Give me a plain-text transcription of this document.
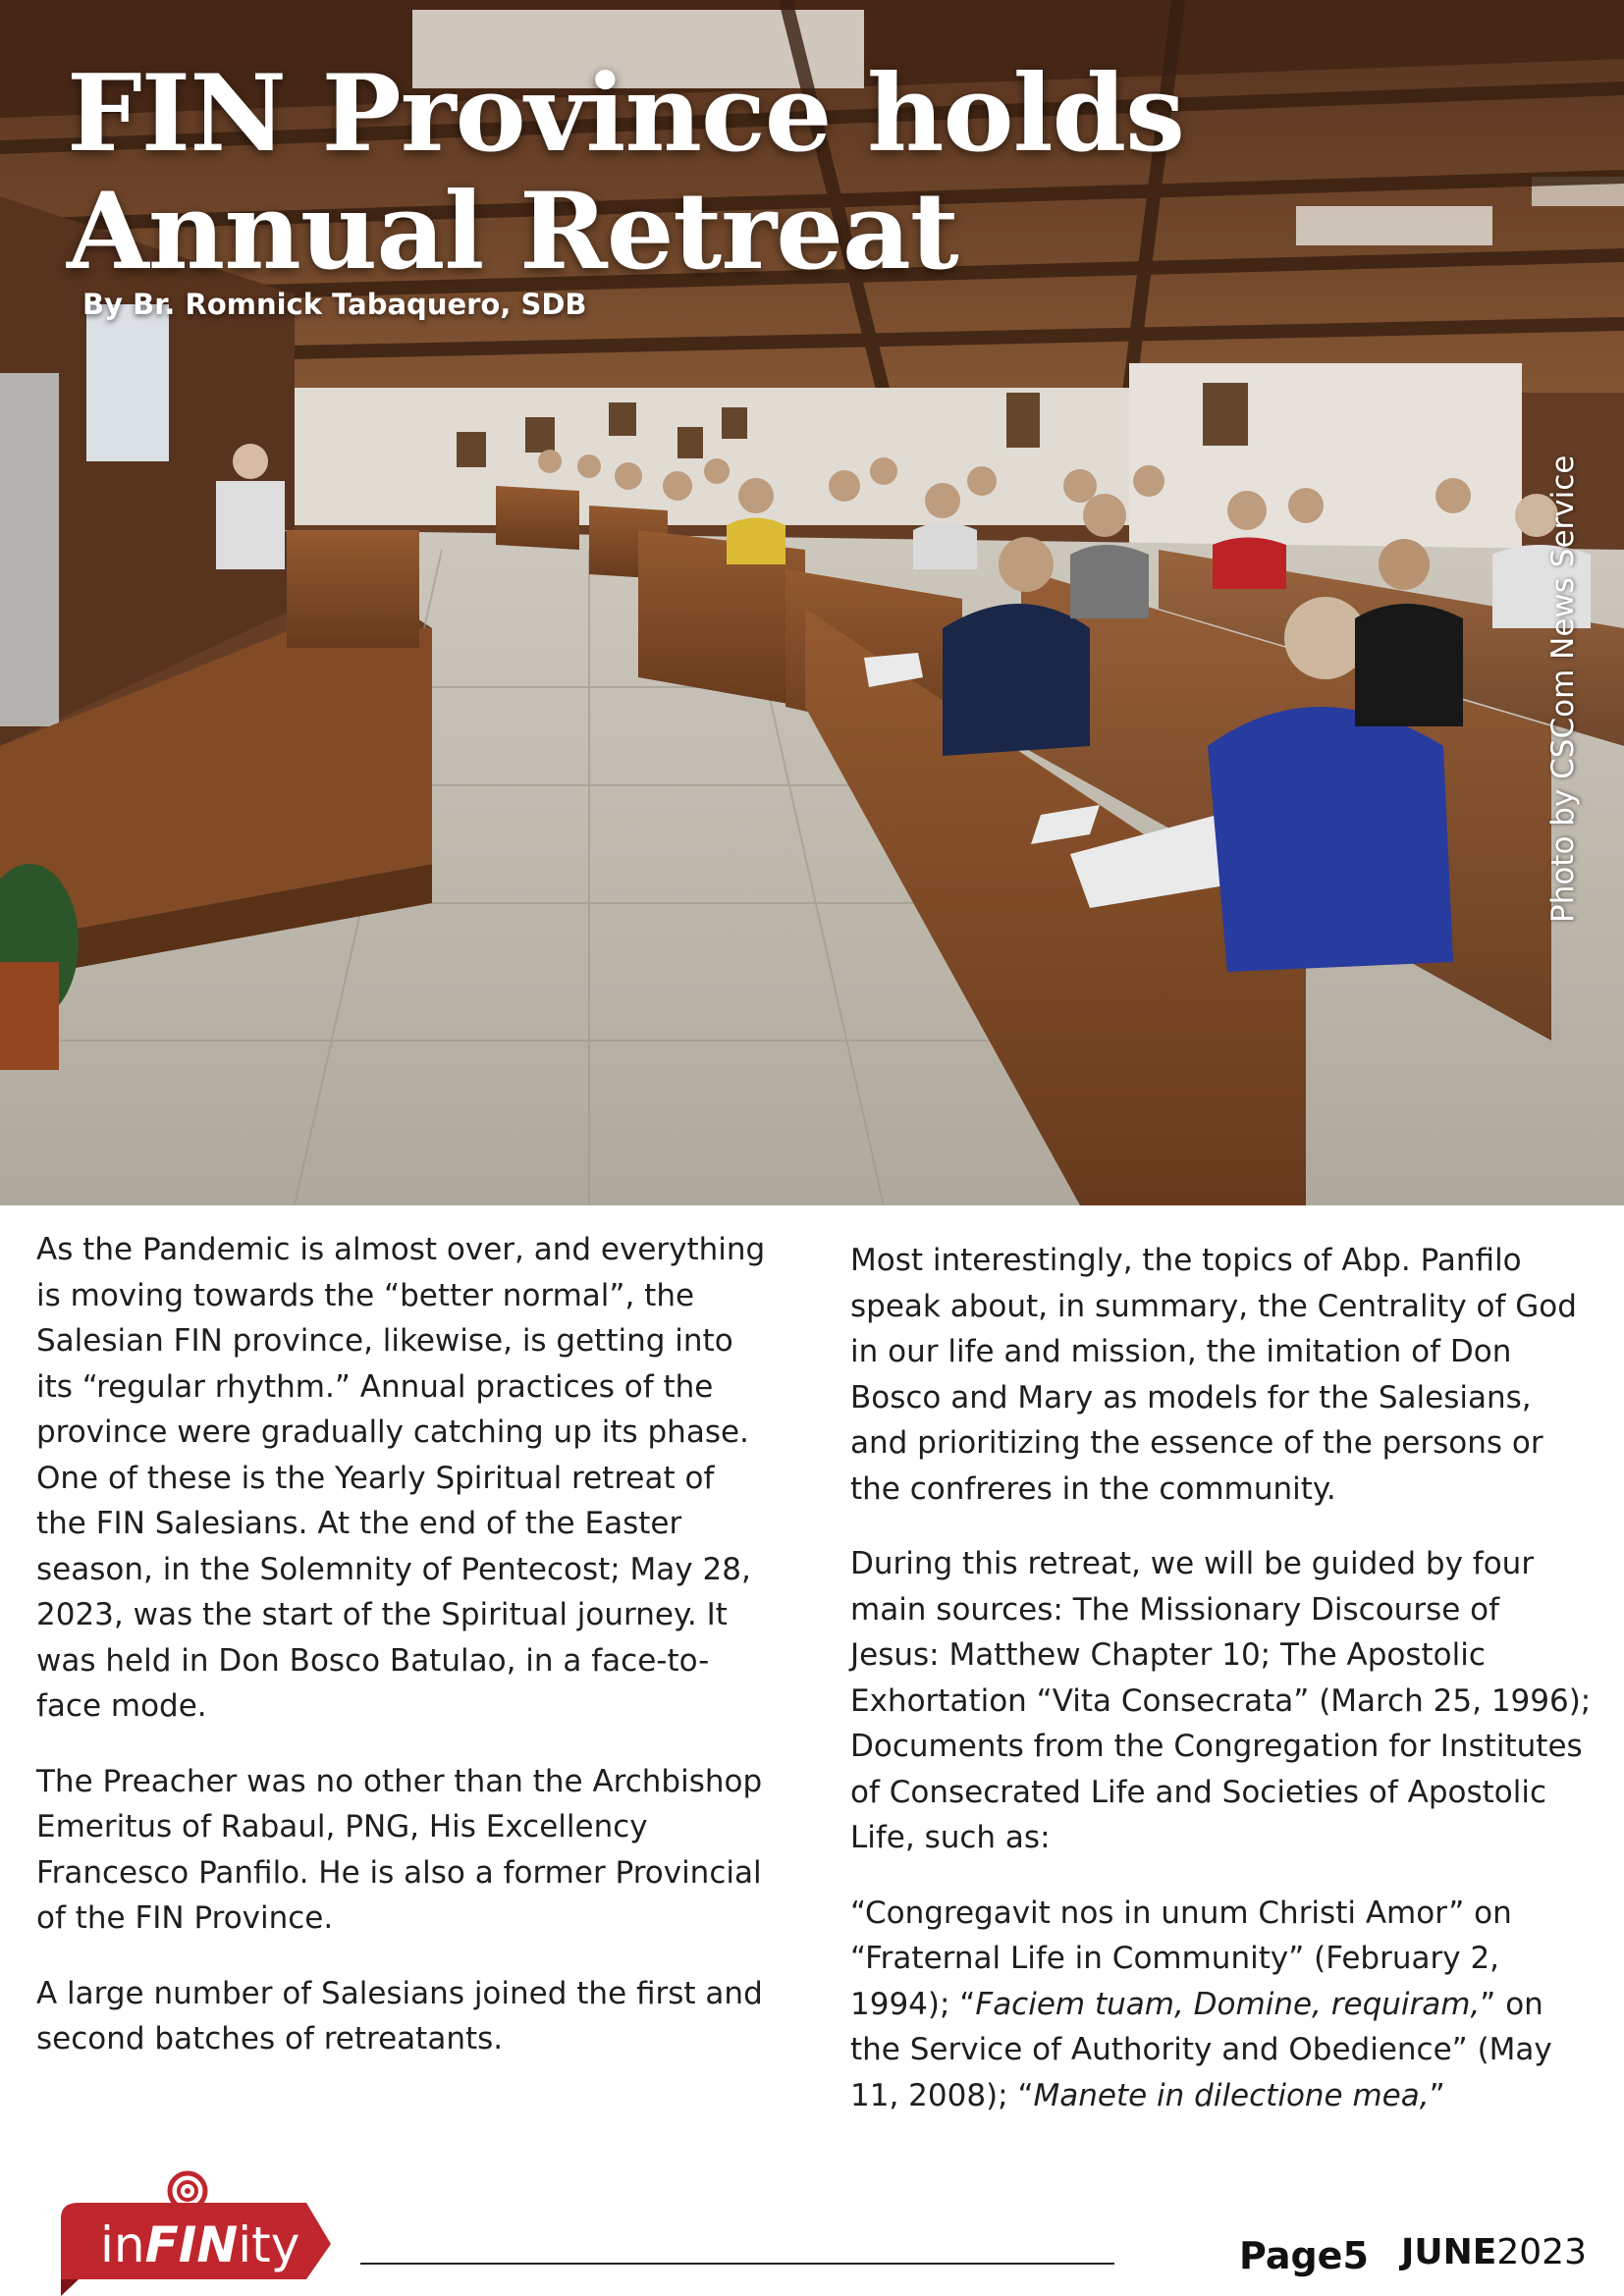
FIN Province holds
Annual Retreat

By Br. Romnick Tabaquero, SDB

Photo by CSCom News Service

As the Pandemic is almost over, and everything is moving towards the “better normal”, the Salesian FIN province, likewise, is getting into its “regular rhythm.” Annual practices of the province were gradually catching up its phase. One of these is the Yearly Spiritual retreat of the FIN Salesians. At the end of the Easter season, in the Solemnity of Pentecost; May 28, 2023, was the start of the Spiritual journey. It was held in Don Bosco Batulao, in a face-to-face mode.

The Preacher was no other than the Archbishop Emeritus of Rabaul, PNG, His Excellency Francesco Panfilo. He is also a former Provincial of the FIN Province.

A large number of Salesians joined the first and second batches of retreatants.

Most interestingly, the topics of Abp. Panfilo speak about, in summary, the Centrality of God in our life and mission, the imitation of Don Bosco and Mary as models for the Salesians, and prioritizing the essence of the persons or the confreres in the community.

During this retreat, we will be guided by four main sources: The Missionary Discourse of Jesus: Matthew Chapter 10; The Apostolic Exhortation “Vita Consecrata” (March 25, 1996); Documents from the Congregation for Institutes of Consecrated Life and Societies of Apostolic Life, such as:

“Congregavit nos in unum Christi Amor” on “Fraternal Life in Community” (February 2, 1994); “Faciem tuam, Domine, requiram,” on the Service of Authority and Obedience” (May 11, 2008); “Manete in dilectione mea,”

inFINity	Page5 JUNE2023
